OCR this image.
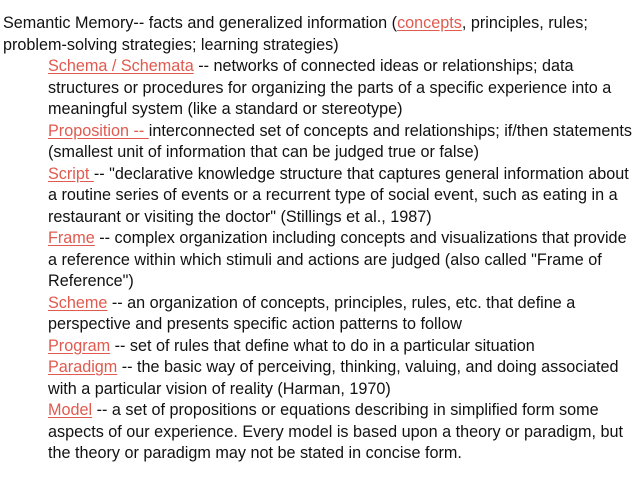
Semantic Memory-- facts and generalized information (concepts, principles, rules; problem-solving strategies; learning strategies)

Schema / Schemata -- networks of connected ideas or relationships; data structures or procedures for organizing the parts of a specific experience into a meaningful system (like a standard or stereotype)
Proposition -- interconnected set of concepts and relationships; if/then statements (smallest unit of information that can be judged true or false)
Script -- "declarative knowledge structure that captures general information about a routine series of events or a recurrent type of social event, such as eating in a restaurant or visiting the doctor" (Stillings et al., 1987)
Frame -- complex organization including concepts and visualizations that provide a reference within which stimuli and actions are judged (also called "Frame of Reference")
Scheme -- an organization of concepts, principles, rules, etc. that define a perspective and presents specific action patterns to follow
Program -- set of rules that define what to do in a particular situation
Paradigm -- the basic way of perceiving, thinking, valuing, and doing associated with a particular vision of reality (Harman, 1970)
Model -- a set of propositions or equations describing in simplified form some aspects of our experience. Every model is based upon a theory or paradigm, but the theory or paradigm may not be stated in concise form.
